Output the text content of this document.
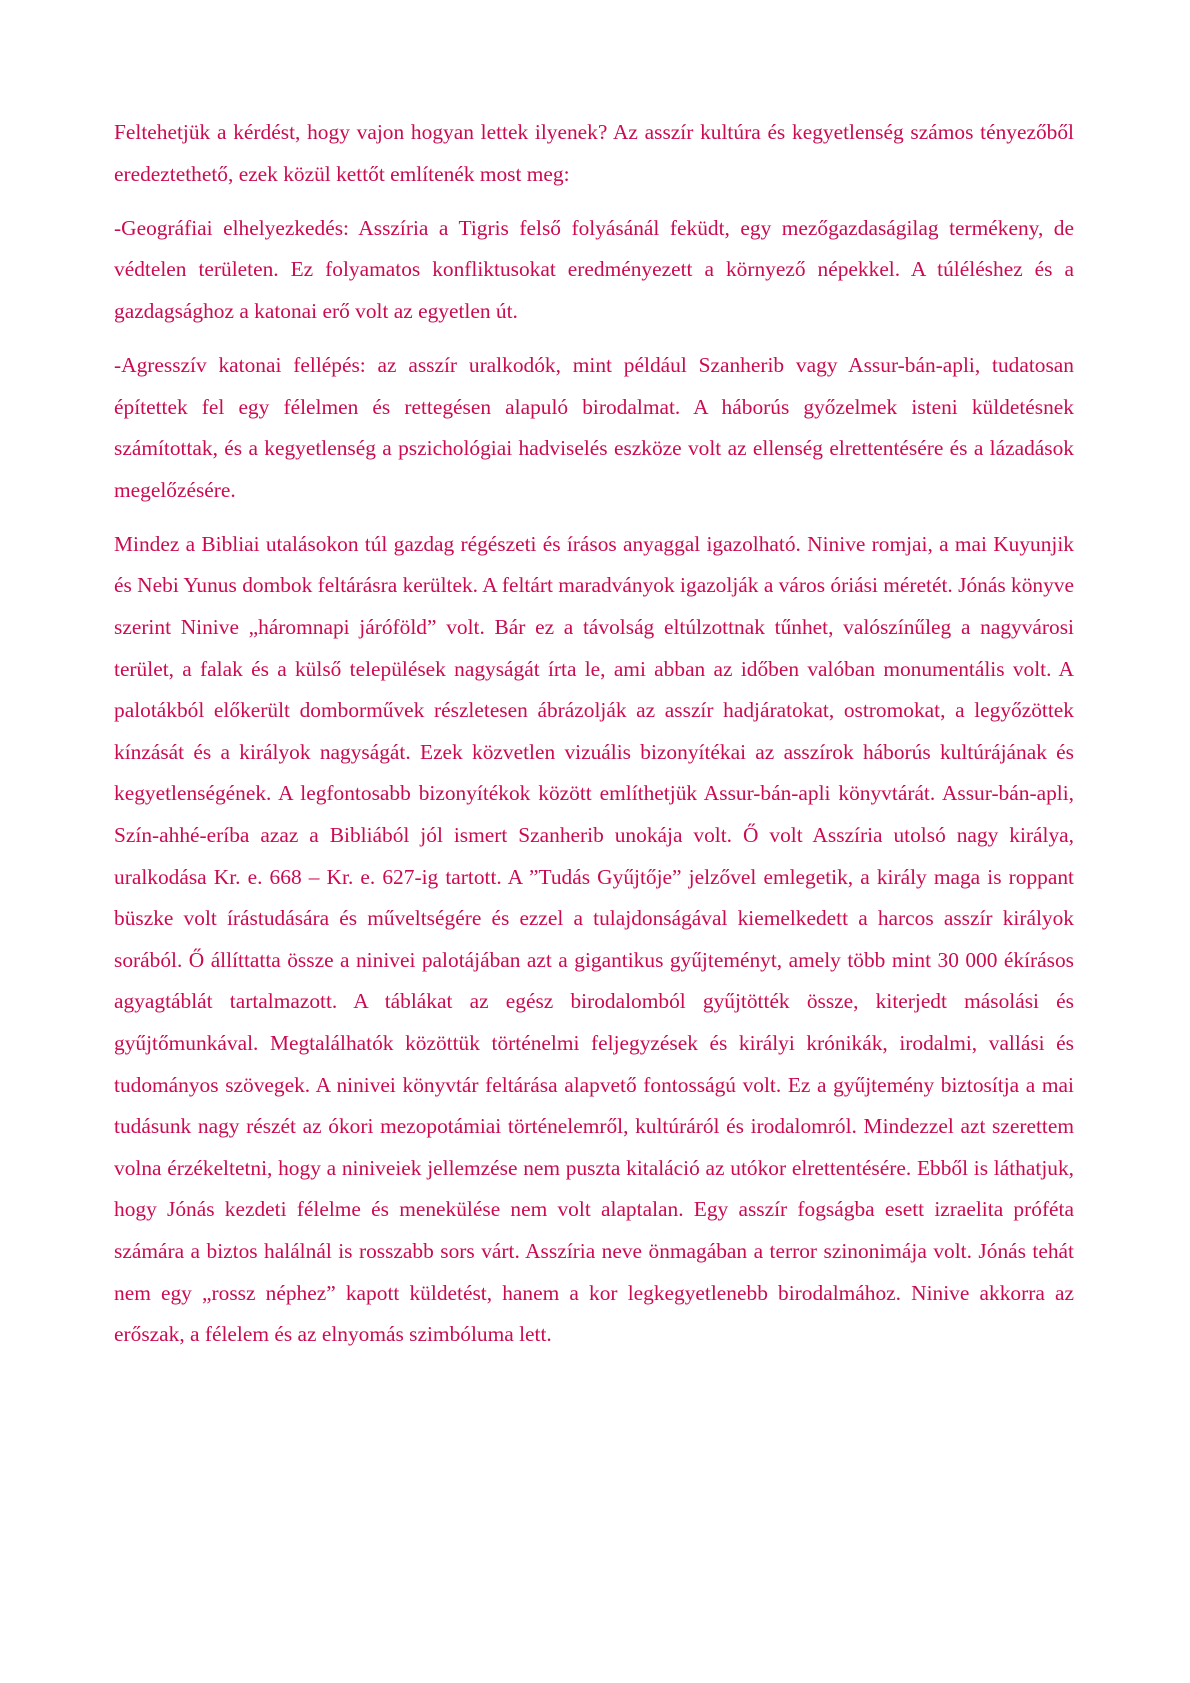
Feltehetjük a kérdést, hogy vajon hogyan lettek ilyenek? Az asszír kultúra és kegyetlenség számos tényezőből eredeztethető, ezek közül kettőt említenék most meg:

-Geográfiai elhelyezkedés: Asszíria a Tigris felső folyásánál feküdt, egy mezőgazdaságilag termékeny, de védtelen területen. Ez folyamatos konfliktusokat eredményezett a környező népekkel. A túléléshez és a gazdagsághoz a katonai erő volt az egyetlen út.

-Agresszív katonai fellépés: az asszír uralkodók, mint például Szanherib vagy Assur-bán-apli, tudatosan építettek fel egy félelmen és rettegésen alapuló birodalmat. A háborús győzelmek isteni küldetésnek számítottak, és a kegyetlenség a pszichológiai hadviselés eszköze volt az ellenség elrettentésére és a lázadások megelőzésére.

Mindez a Bibliai utalásokon túl gazdag régészeti és írásos anyaggal igazolható. Ninive romjai, a mai Kuyunjik és Nebi Yunus dombok feltárásra kerültek. A feltárt maradványok igazolják a város óriási méretét. Jónás könyve szerint Ninive „háromnapi járóföld” volt. Bár ez a távolság eltúlzottnak tűnhet, valószínűleg a nagyvárosi terület, a falak és a külső települések nagyságát írta le, ami abban az időben valóban monumentális volt. A palotákból előkerült domborművek részletesen ábrázolják az asszír hadjáratokat, ostromokat, a legyőzöttek kínzását és a királyok nagyságát. Ezek közvetlen vizuális bizonyítékai az asszírok háborús kultúrájának és kegyetlenségének. A legfontosabb bizonyítékok között említhetjük Assur-bán-apli könyvtárát. Assur-bán-apli, Szín-ahhé-eríba azaz a Bibliából jól ismert Szanherib unokája volt. Ő volt Asszíria utolsó nagy királya, uralkodása Kr. e. 668 – Kr. e. 627-ig tartott. A ”Tudás Gyűjtője” jelzővel emlegetik, a király maga is roppant büszke volt írástudására és műveltségére és ezzel a tulajdonságával kiemelkedett a harcos asszír királyok sorából. Ő állíttatta össze a ninivei palotájában azt a gigantikus gyűjteményt, amely több mint 30 000 ékírásos agyagtáblát tartalmazott. A táblákat az egész birodalomból gyűjtötték össze, kiterjedt másolási és gyűjtőmunkával. Megtalálhatók közöttük történelmi feljegyzések és királyi krónikák, irodalmi, vallási és tudományos szövegek. A ninivei könyvtár feltárása alapvető fontosságú volt. Ez a gyűjtemény biztosítja a mai tudásunk nagy részét az ókori mezopotámiai történelemről, kultúráról és irodalomról. Mindezzel azt szerettem volna érzékeltetni, hogy a niniveiek jellemzése nem puszta kitaláció az utókor elrettentésére. Ebből is láthatjuk, hogy Jónás kezdeti félelme és menekülése nem volt alaptalan. Egy asszír fogságba esett izraelita próféta számára a biztos halálnál is rosszabb sors várt. Asszíria neve önmagában a terror szinonimája volt. Jónás tehát nem egy „rossz néphez” kapott küldetést, hanem a kor legkegyetlenebb birodalmához. Ninive akkorra az erőszak, a félelem és az elnyomás szimbóluma lett.
